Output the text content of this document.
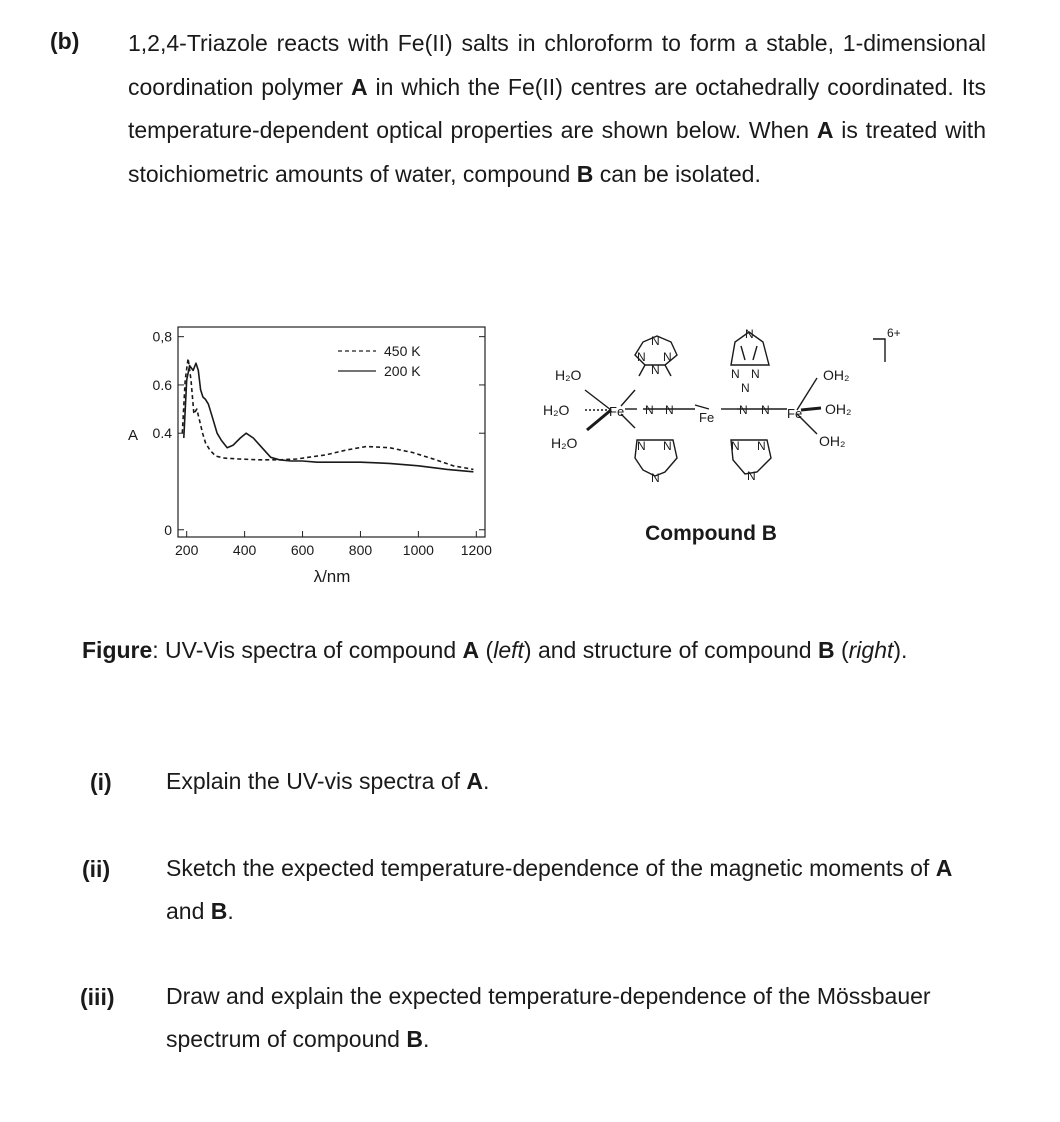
(b) 1,2,4-Triazole reacts with Fe(II) salts in chloroform to form a stable, 1-dimensional coordination polymer A in which the Fe(II) centres are octahedrally coordinated. Its temperature-dependent optical properties are shown below. When A is treated with stoichiometric amounts of water, compound B can be isolated.
200 400 600 800 1000 1200
0,8
0.6
0.4
0
450 K
200 K
A
λ/nm
H₂O
H₂O
H₂O
Fe	Fe	Fe
OH₂
OH₂
OH₂
6+
N
N N
N
N N
N N
N
N
N N
N
N N
N N
N
Compound B
Figure: UV-Vis spectra of compound A (left) and structure of compound B (right).
(i) Explain the UV-vis spectra of A.
(ii) Sketch the expected temperature-dependence of the magnetic moments of A and B.
(iii) Draw and explain the expected temperature-dependence of the Mössbauer spectrum of compound B.
